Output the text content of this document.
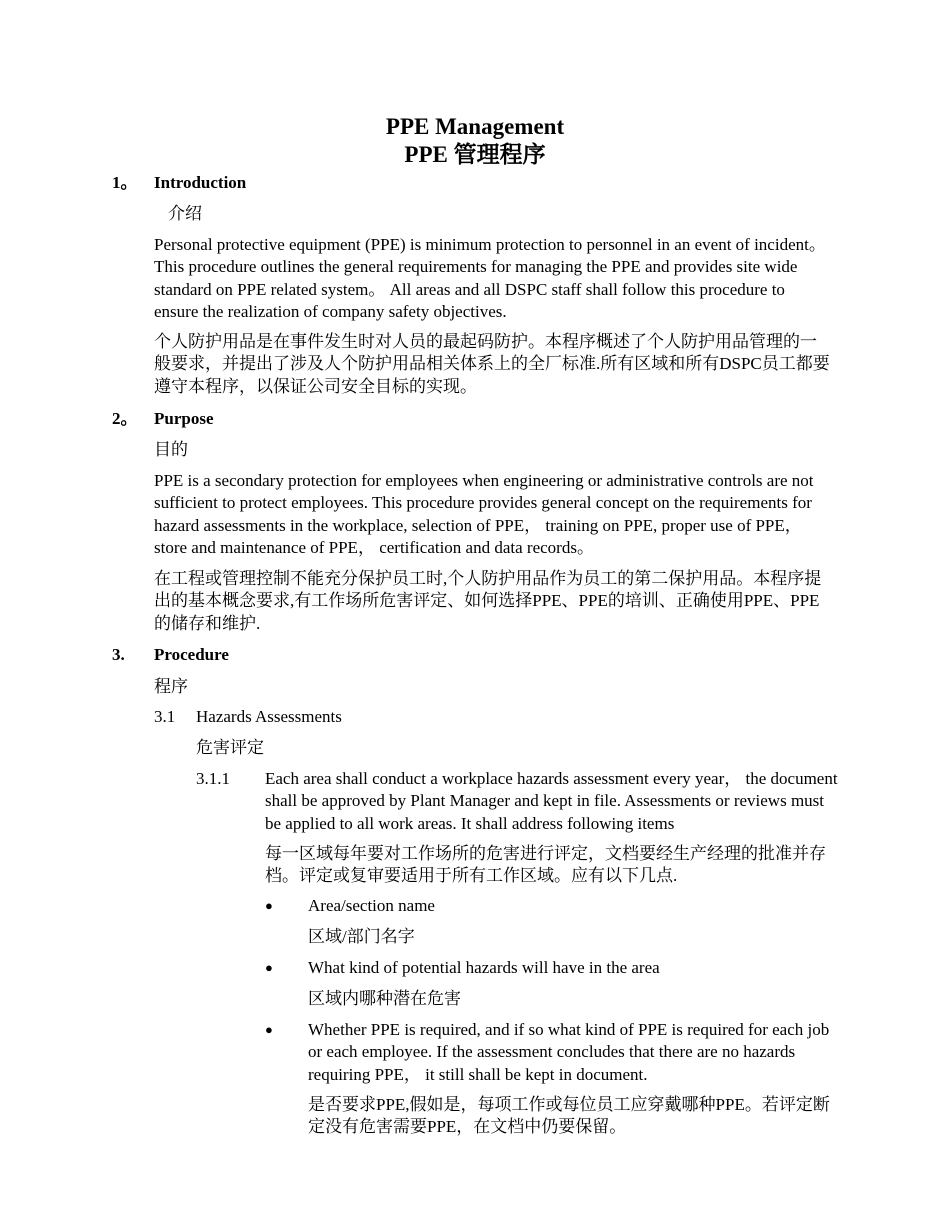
PPE Management
PPE 管理程序
1。 Introduction
介绍
Personal protective equipment (PPE) is minimum protection to personnel in an event of incident。 This procedure outlines the general requirements for managing the PPE and provides site wide standard on PPE related system。 All areas and all DSPC staff shall follow this procedure to ensure the realization of company safety objectives.
个人防护用品是在事件发生时对人员的最起码防护。本程序概述了个人防护用品管理的一般要求，并提出了涉及人个防护用品相关体系上的全厂标准.所有区域和所有DSPC员工都要遵守本程序，以保证公司安全目标的实现。
2。 Purpose
目的
PPE is a secondary protection for employees when engineering or administrative controls are not sufficient to protect employees. This procedure provides general concept on the requirements for hazard assessments in the workplace, selection of PPE， training on PPE, proper use of PPE， store and maintenance of PPE， certification and data records。
在工程或管理控制不能充分保护员工时,个人防护用品作为员工的第二保护用品。本程序提出的基本概念要求,有工作场所危害评定、如何选择PPE、PPE的培训、正确使用PPE、PPE的储存和维护.
3. Procedure
程序
3.1 Hazards Assessments
危害评定
3.1.1 Each area shall conduct a workplace hazards assessment every year， the document shall be approved by Plant Manager and kept in file. Assessments or reviews must be applied to all work areas. It shall address following items
每一区域每年要对工作场所的危害进行评定，文档要经生产经理的批准并存档。评定或复审要适用于所有工作区域。应有以下几点.
● Area/section name
区域/部门名字
● What kind of potential hazards will have in the area
区域内哪种潜在危害
● Whether PPE is required, and if so what kind of PPE is required for each job or each employee. If the assessment concludes that there are no hazards requiring PPE， it still shall be kept in document.
是否要求PPE,假如是，每项工作或每位员工应穿戴哪种PPE。若评定断定没有危害需要PPE，在文档中仍要保留。
